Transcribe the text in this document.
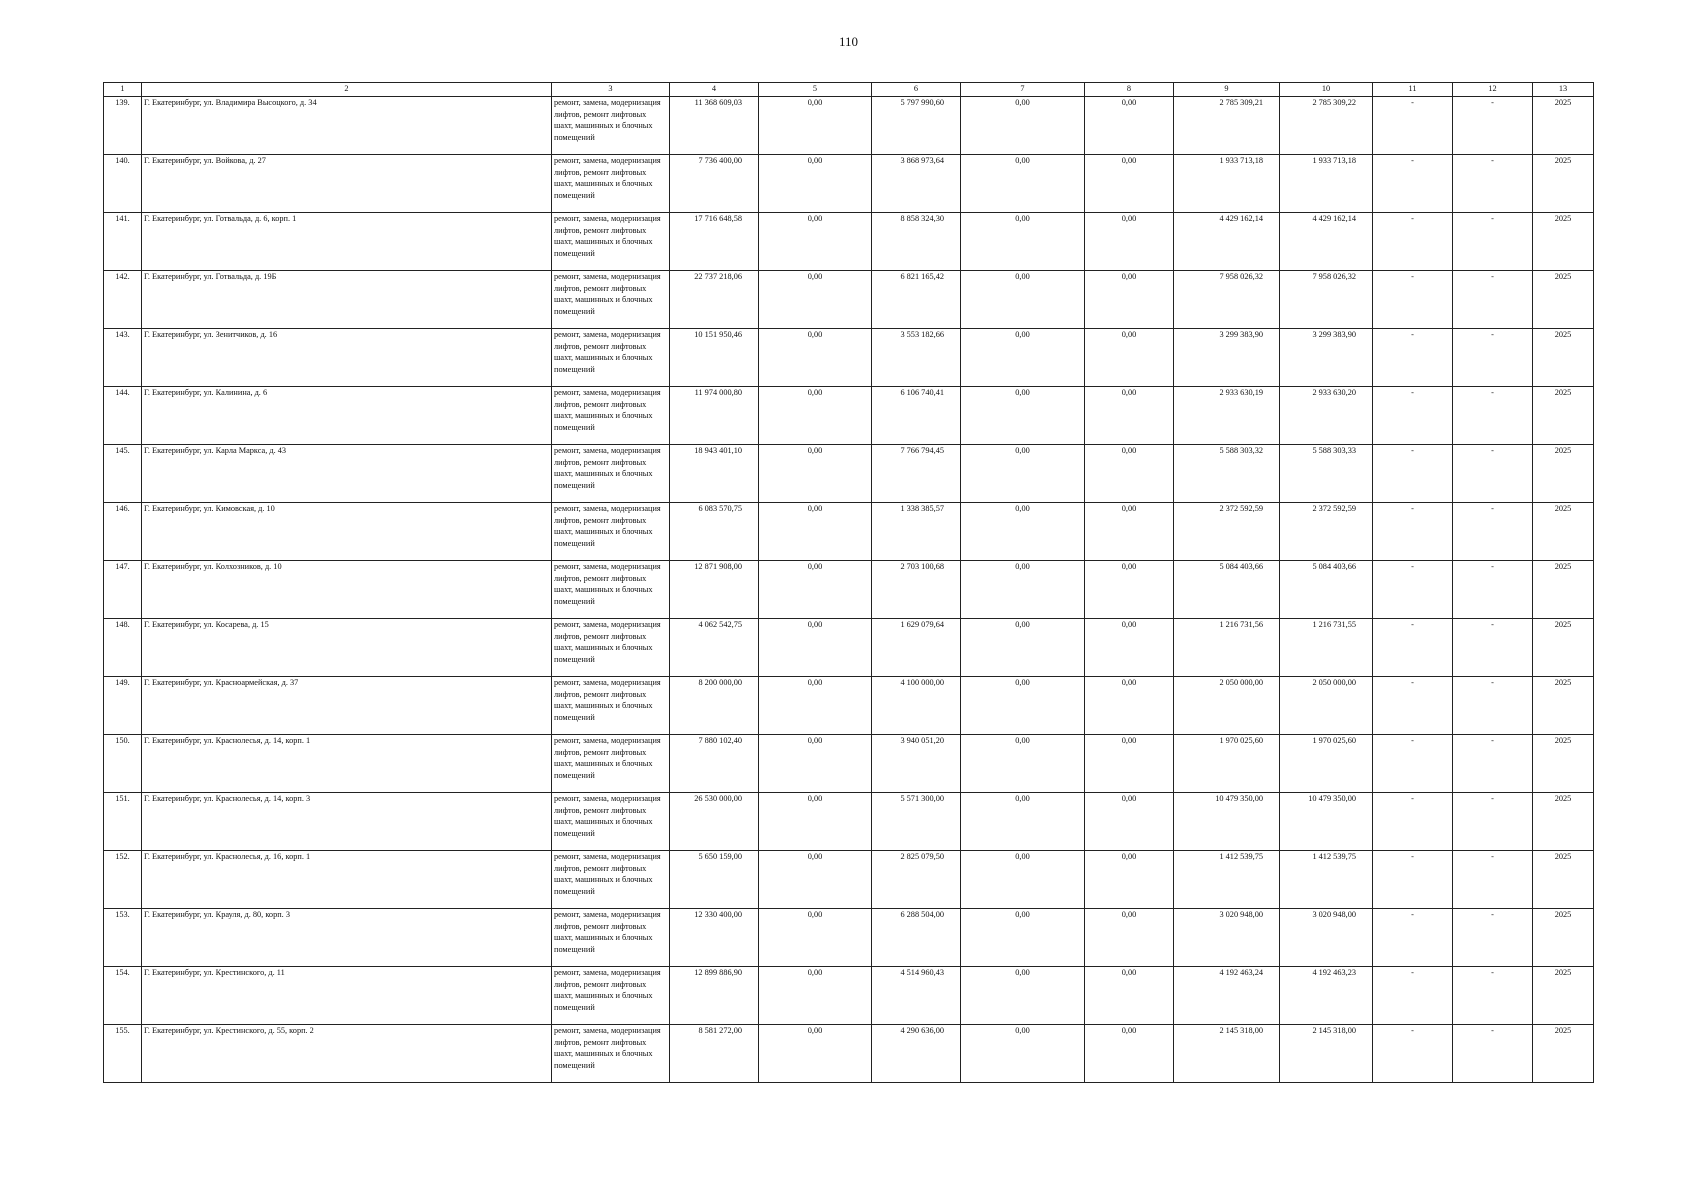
110
1	2	3	4	5	6	7	8	9	10	11	12	13
139.	Г. Екатеринбург, ул. Владимира Высоцкого, д. 34	ремонт, замена, модернизация лифтов, ремонт лифтовых шахт, машинных и блочных помещений	11 368 609,03	0,00	5 797 990,60	0,00	0,00	2 785 309,21	2 785 309,22	-	-	2025
140.	Г. Екатеринбург, ул. Войкова, д. 27	ремонт, замена, модернизация лифтов, ремонт лифтовых шахт, машинных и блочных помещений	7 736 400,00	0,00	3 868 973,64	0,00	0,00	1 933 713,18	1 933 713,18	-	-	2025
141.	Г. Екатеринбург, ул. Готвальда, д. 6, корп. 1	ремонт, замена, модернизация лифтов, ремонт лифтовых шахт, машинных и блочных помещений	17 716 648,58	0,00	8 858 324,30	0,00	0,00	4 429 162,14	4 429 162,14	-	-	2025
142.	Г. Екатеринбург, ул. Готвальда, д. 19Б	ремонт, замена, модернизация лифтов, ремонт лифтовых шахт, машинных и блочных помещений	22 737 218,06	0,00	6 821 165,42	0,00	0,00	7 958 026,32	7 958 026,32	-	-	2025
143.	Г. Екатеринбург, ул. Зенитчиков, д. 16	ремонт, замена, модернизация лифтов, ремонт лифтовых шахт, машинных и блочных помещений	10 151 950,46	0,00	3 553 182,66	0,00	0,00	3 299 383,90	3 299 383,90	-	-	2025
144.	Г. Екатеринбург, ул. Калинина, д. 6	ремонт, замена, модернизация лифтов, ремонт лифтовых шахт, машинных и блочных помещений	11 974 000,80	0,00	6 106 740,41	0,00	0,00	2 933 630,19	2 933 630,20	-	-	2025
145.	Г. Екатеринбург, ул. Карла Маркса, д. 43	ремонт, замена, модернизация лифтов, ремонт лифтовых шахт, машинных и блочных помещений	18 943 401,10	0,00	7 766 794,45	0,00	0,00	5 588 303,32	5 588 303,33	-	-	2025
146.	Г. Екатеринбург, ул. Кимовская, д. 10	ремонт, замена, модернизация лифтов, ремонт лифтовых шахт, машинных и блочных помещений	6 083 570,75	0,00	1 338 385,57	0,00	0,00	2 372 592,59	2 372 592,59	-	-	2025
147.	Г. Екатеринбург, ул. Колхозников, д. 10	ремонт, замена, модернизация лифтов, ремонт лифтовых шахт, машинных и блочных помещений	12 871 908,00	0,00	2 703 100,68	0,00	0,00	5 084 403,66	5 084 403,66	-	-	2025
148.	Г. Екатеринбург, ул. Косарева, д. 15	ремонт, замена, модернизация лифтов, ремонт лифтовых шахт, машинных и блочных помещений	4 062 542,75	0,00	1 629 079,64	0,00	0,00	1 216 731,56	1 216 731,55	-	-	2025
149.	Г. Екатеринбург, ул. Красноармейская, д. 37	ремонт, замена, модернизация лифтов, ремонт лифтовых шахт, машинных и блочных помещений	8 200 000,00	0,00	4 100 000,00	0,00	0,00	2 050 000,00	2 050 000,00	-	-	2025
150.	Г. Екатеринбург, ул. Краснолесья, д. 14, корп. 1	ремонт, замена, модернизация лифтов, ремонт лифтовых шахт, машинных и блочных помещений	7 880 102,40	0,00	3 940 051,20	0,00	0,00	1 970 025,60	1 970 025,60	-	-	2025
151.	Г. Екатеринбург, ул. Краснолесья, д. 14, корп. 3	ремонт, замена, модернизация лифтов, ремонт лифтовых шахт, машинных и блочных помещений	26 530 000,00	0,00	5 571 300,00	0,00	0,00	10 479 350,00	10 479 350,00	-	-	2025
152.	Г. Екатеринбург, ул. Краснолесья, д. 16, корп. 1	ремонт, замена, модернизация лифтов, ремонт лифтовых шахт, машинных и блочных помещений	5 650 159,00	0,00	2 825 079,50	0,00	0,00	1 412 539,75	1 412 539,75	-	-	2025
153.	Г. Екатеринбург, ул. Крауля, д. 80, корп. 3	ремонт, замена, модернизация лифтов, ремонт лифтовых шахт, машинных и блочных помещений	12 330 400,00	0,00	6 288 504,00	0,00	0,00	3 020 948,00	3 020 948,00	-	-	2025
154.	Г. Екатеринбург, ул. Крестинского, д. 11	ремонт, замена, модернизация лифтов, ремонт лифтовых шахт, машинных и блочных помещений	12 899 886,90	0,00	4 514 960,43	0,00	0,00	4 192 463,24	4 192 463,23	-	-	2025
155.	Г. Екатеринбург, ул. Крестинского, д. 55, корп. 2	ремонт, замена, модернизация лифтов, ремонт лифтовых шахт, машинных и блочных помещений	8 581 272,00	0,00	4 290 636,00	0,00	0,00	2 145 318,00	2 145 318,00	-	-	2025
